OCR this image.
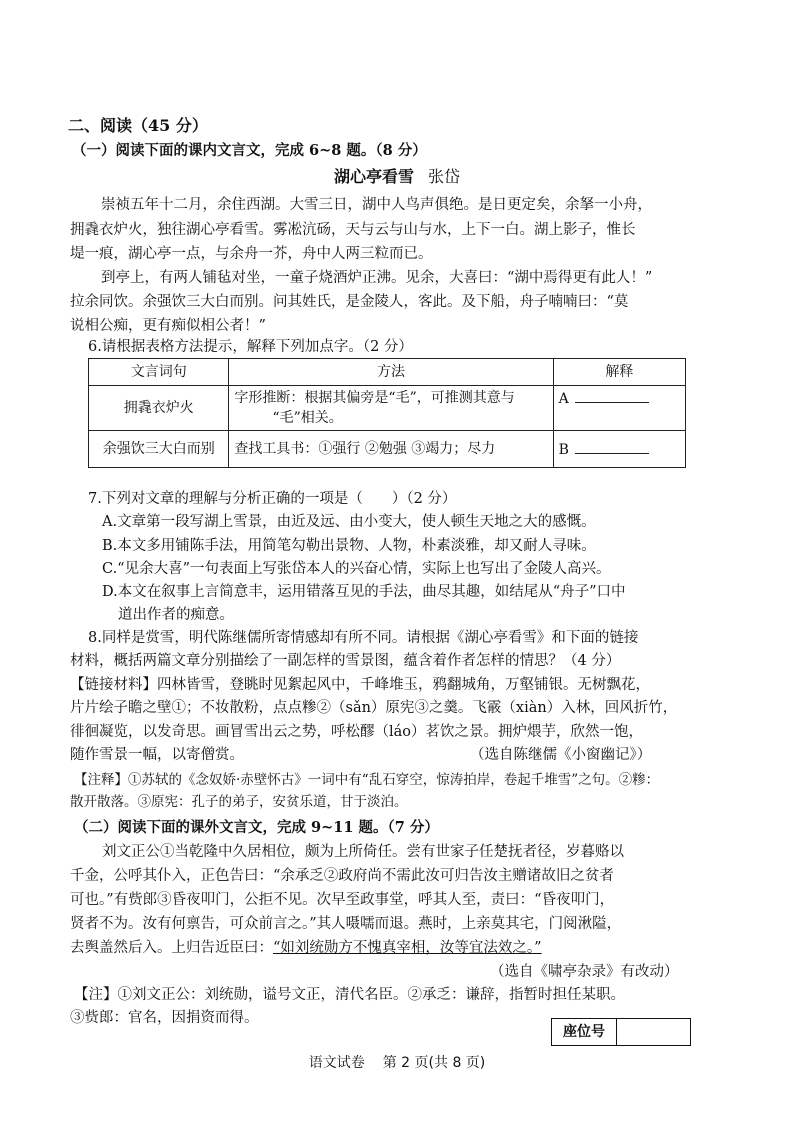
二、阅读（45 分）
（一）阅读下面的课内文言文，完成 6~8 题。（8 分）
湖心亭看雪 张岱
崇祯五年十二月，余住西湖。大雪三日，湖中人鸟声俱绝。是日更定矣，余拏一小舟，
拥毳衣炉火，独往湖心亭看雪。雾凇沆砀，天与云与山与水，上下一白。湖上影子，惟长
堤一痕，湖心亭一点，与余舟一芥，舟中人两三粒而已。
到亭上，有两人铺毡对坐，一童子烧酒炉正沸。见余，大喜曰：“湖中焉得更有此人！”
拉余同饮。余强饮三大白而别。问其姓氏，是金陵人，客此。及下船，舟子喃喃曰：“莫
说相公痴，更有痴似相公者！”
6.请根据表格方法提示，解释下列加点字。（2 分）
文言词句	方法	解释
拥毳衣炉火	字形推断：根据其偏旁是“毛”，可推测其意与
“毛”相关。	A
余强饮三大白而别	查找工具书：①强行 ②勉强 ③竭力；尽力	B
7.下列对文章的理解与分析正确的一项是（　　）（2 分）
A.文章第一段写湖上雪景，由近及远、由小变大，使人顿生天地之大的感慨。
B.本文多用铺陈手法，用简笔勾勒出景物、人物，朴素淡雅，却又耐人寻味。
C.“见余大喜”一句表面上写张岱本人的兴奋心情，实际上也写出了金陵人高兴。
D.本文在叙事上言简意丰，运用错落互见的手法，曲尽其趣，如结尾从“舟子”口中
道出作者的痴意。
8.同样是赏雪，明代陈继儒所寄情感却有所不同。请根据《湖心亭看雪》和下面的链接
材料，概括两篇文章分别描绘了一副怎样的雪景图，蕴含着作者怎样的情思？（4 分）
【链接材料】四林皆雪，登眺时见絮起风中，千峰堆玉，鸦翻城角，万壑铺银。无树飘花，
片片绘子瞻之壁①；不妆散粉，点点糁②（sǎn）原宪③之羹。飞霰（xiàn）入林，回风折竹，
徘徊凝览，以发奇思。画冒雪出云之势，呼松醪（láo）茗饮之景。拥炉煨芋，欣然一饱，
随作雪景一幅，以寄僧赏。	（选自陈继儒《小窗幽记》）
【注释】①苏轼的《念奴娇·赤壁怀古》一词中有“乱石穿空，惊涛拍岸，卷起千堆雪”之句。②糁：
散开散落。③原宪：孔子的弟子，安贫乐道，甘于淡泊。
（二）阅读下面的课外文言文，完成 9~11 题。（7 分）
刘文正公①当乾隆中久居相位，颇为上所倚任。尝有世家子任楚抚者径，岁暮赂以
千金，公呼其仆入，正色告曰：“余承乏②政府尚不需此汝可归告汝主赠诸故旧之贫者
可也。”有赀郎③昏夜叩门，公拒不见。次早至政事堂，呼其人至，责曰：“昏夜叩门，
贤者不为。汝有何禀告，可众前言之。”其人嗫嚅而退。燕时，上亲莫其宅，门阅湫隘，
去舆盖然后入。上归告近臣曰：“如刘统勋方不愧真宰相，汝等宜法效之。”
（选自《啸亭杂录》有改动）
【注】①刘文正公：刘统勋，谥号文正，清代名臣。②承乏：谦辞，指暂时担任某职。
③赀郎：官名，因捐资而得。
座位号
语文试卷 第 2 页(共 8 页)
